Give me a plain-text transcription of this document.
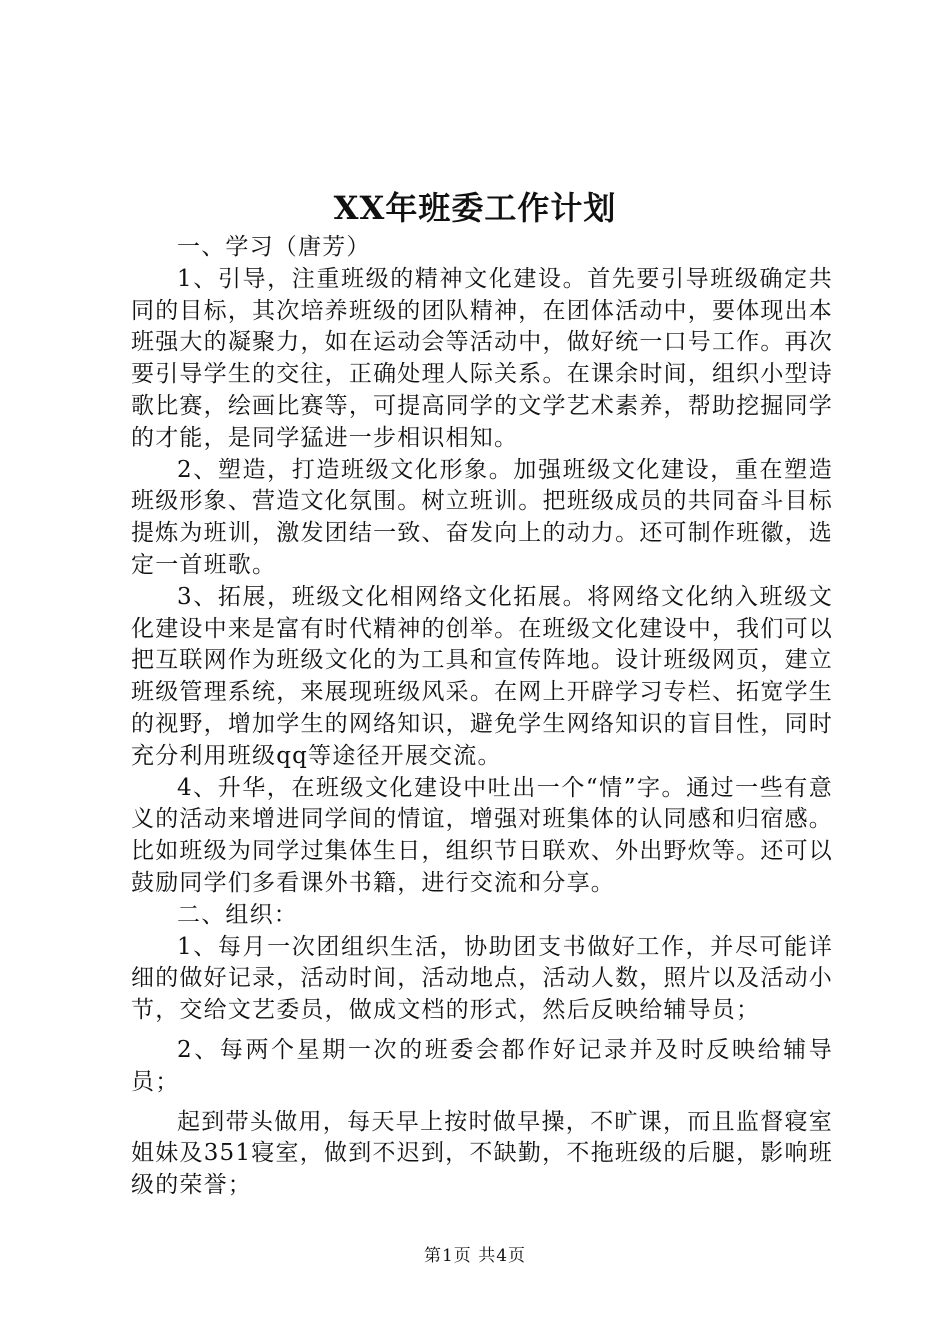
XX年班委工作计划

一、学习（唐芳）

1、引导，注重班级的精神文化建设。首先要引导班级确定共同的目标，其次培养班级的团队精神，在团体活动中，要体现出本班强大的凝聚力，如在运动会等活动中，做好统一口号工作。再次要引导学生的交往，正确处理人际关系。在课余时间，组织小型诗歌比赛，绘画比赛等，可提高同学的文学艺术素养，帮助挖掘同学的才能，是同学猛进一步相识相知。

2、塑造，打造班级文化形象。加强班级文化建设，重在塑造班级形象、营造文化氛围。树立班训。把班级成员的共同奋斗目标提炼为班训，激发团结一致、奋发向上的动力。还可制作班徽，选定一首班歌。

3、拓展，班级文化相网络文化拓展。将网络文化纳入班级文化建设中来是富有时代精神的创举。在班级文化建设中，我们可以把互联网作为班级文化的为工具和宣传阵地。设计班级网页，建立班级管理系统，来展现班级风采。在网上开辟学习专栏、拓宽学生的视野，增加学生的网络知识，避免学生网络知识的盲目性，同时充分利用班级qq等途径开展交流。

4、升华，在班级文化建设中吐出一个“情”字。通过一些有意义的活动来增进同学间的情谊，增强对班集体的认同感和归宿感。比如班级为同学过集体生日，组织节日联欢、外出野炊等。还可以鼓励同学们多看课外书籍，进行交流和分享。

二、组织：

1、每月一次团组织生活，协助团支书做好工作，并尽可能详细的做好记录，活动时间，活动地点，活动人数，照片以及活动小节，交给文艺委员，做成文档的形式，然后反映给辅导员；

2、每两个星期一次的班委会都作好记录并及时反映给辅导员；

起到带头做用，每天早上按时做早操，不旷课，而且监督寝室姐妹及351寝室，做到不迟到，不缺勤，不拖班级的后腿，影响班级的荣誉；

第1页 共4页
